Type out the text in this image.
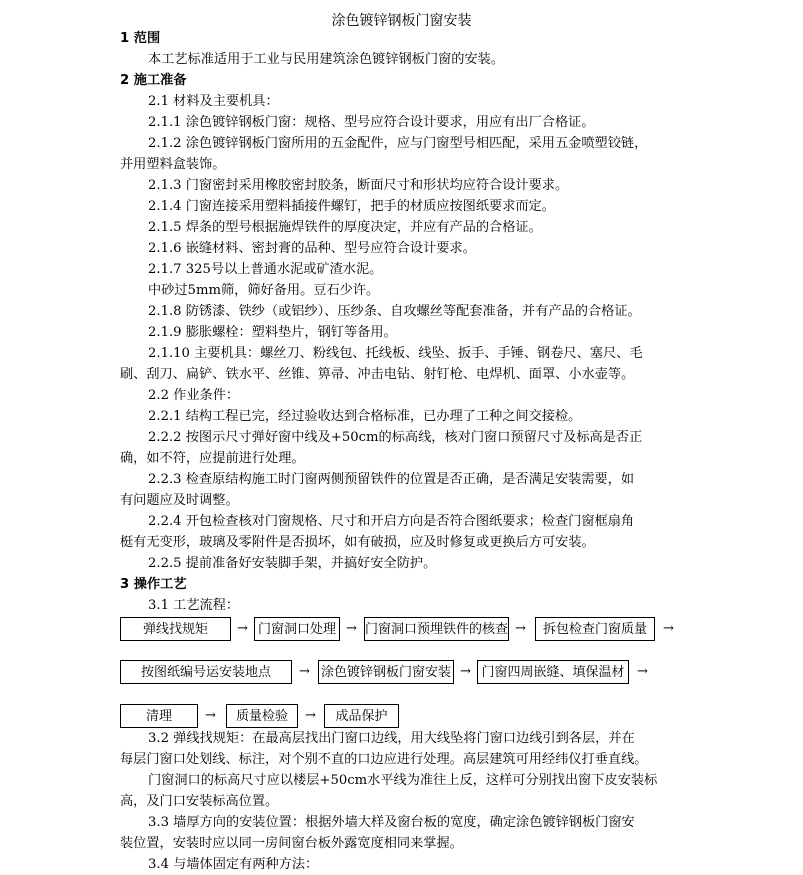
涂色镀锌钢板门窗安装
1 范围
本工艺标准适用于工业与民用建筑涂色镀锌钢板门窗的安装。
2 施工准备
2.1 材料及主要机具：
2.1.1 涂色镀锌钢板门窗：规格、型号应符合设计要求，用应有出厂合格证。
2.1.2 涂色镀锌钢板门窗所用的五金配件，应与门窗型号相匹配，采用五金喷塑铰链，
并用塑料盒装饰。
2.1.3 门窗密封采用橡胶密封胶条，断面尺寸和形状均应符合设计要求。
2.1.4 门窗连接采用塑料插接件螺钉，把手的材质应按图纸要求而定。
2.1.5 焊条的型号根据施焊铁件的厚度决定，并应有产品的合格证。
2.1.6 嵌缝材料、密封膏的品种、型号应符合设计要求。
2.1.7 325号以上普通水泥或矿渣水泥。
中砂过5mm筛，筛好备用。豆石少许。
2.1.8 防锈漆、铁纱（或铝纱）、压纱条、自攻螺丝等配套准备，并有产品的合格证。
2.1.9 膨胀螺栓：塑料垫片，钢钉等备用。
2.1.10 主要机具：螺丝刀、粉线包、托线板、线坠、扳手、手锤、钢卷尺、塞尺、毛
刷、刮刀、扁铲、铁水平、丝锥、箅帚、冲击电钻、射钉枪、电焊机、面罩、小水壶等。
2.2 作业条件：
2.2.1 结构工程已完，经过验收达到合格标准，已办理了工种之间交接检。
2.2.2 按图示尺寸弹好窗中线及+50cm的标高线，核对门窗口预留尺寸及标高是否正
确，如不符，应提前进行处理。
2.2.3 检查原结构施工时门窗两侧预留铁件的位置是否正确，是否满足安装需要，如
有问题应及时调整。
2.2.4 开包检查核对门窗规格、尺寸和开启方向是否符合图纸要求；检查门窗框扇角
梃有无变形，玻璃及零附件是否损坏，如有破损，应及时修复或更换后方可安装。
2.2.5 提前准备好安装脚手架，并搞好安全防护。
3 操作工艺
3.1 工艺流程：
弹线找规矩	→ 门窗洞口处理 → 门窗洞口预埋铁件的核查 →	拆包检查门窗质量	→
按图纸编号运安装地点	→ 涂色镀锌钢板门窗安装 → 门窗四周嵌缝、填保温材 →
清理	→	质量检验	→	成品保护
3.2 弹线找规矩：在最高层找出门窗口边线，用大线坠将门窗口边线引到各层，并在
每层门窗口处划线、标注，对个别不直的口边应进行处理。高层建筑可用经纬仪打垂直线。
门窗洞口的标高尺寸应以楼层+50cm水平线为准往上反，这样可分别找出窗下皮安装标
高，及门口安装标高位置。
3.3 墙厚方向的安装位置：根据外墙大样及窗台板的宽度，确定涂色镀锌钢板门窗安
装位置，安装时应以同一房间窗台板外露宽度相同来掌握。
3.4 与墙体固定有两种方法：
